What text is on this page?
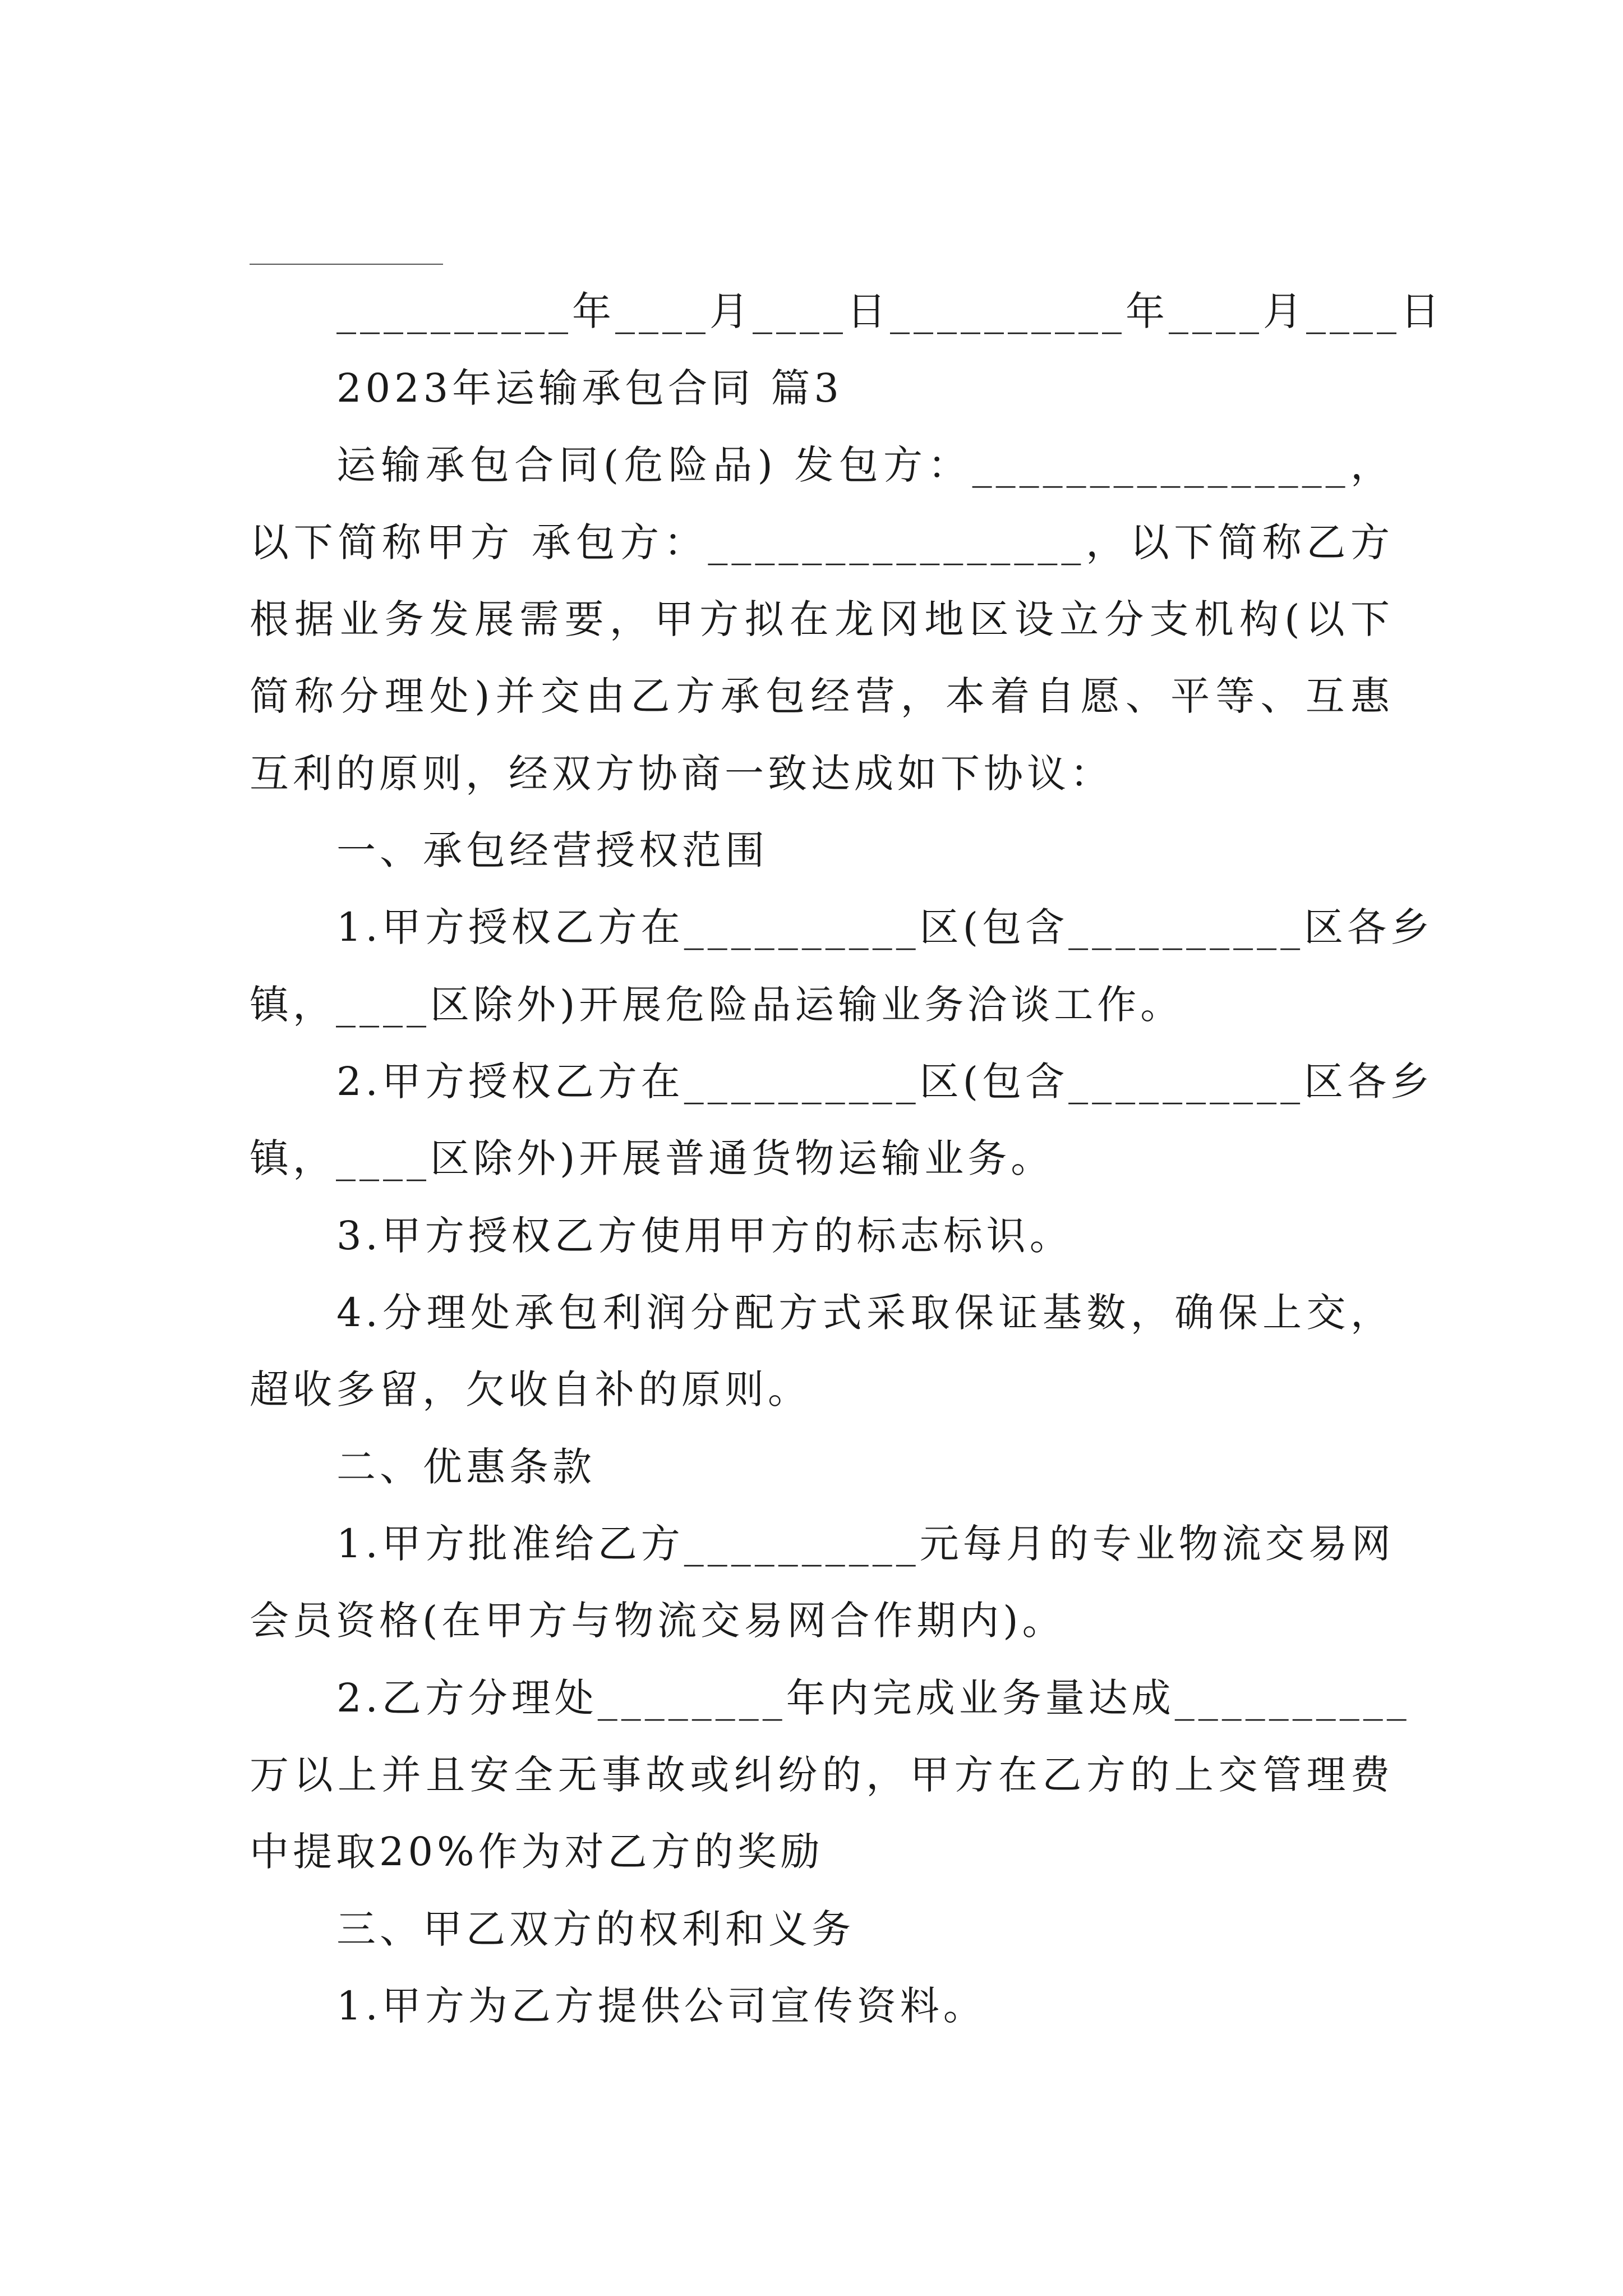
__________年____月____日__________年____月____日
2023年运输承包合同 篇3
运输承包合同(危险品) 发包方：________________，
以下简称甲方 承包方：________________，以下简称乙方
根据业务发展需要，甲方拟在龙冈地区设立分支机构(以下
简称分理处)并交由乙方承包经营，本着自愿、平等、互惠
互利的原则，经双方协商一致达成如下协议：
一、承包经营授权范围
1.甲方授权乙方在__________区(包含__________区各乡
镇，____区除外)开展危险品运输业务洽谈工作。
2.甲方授权乙方在__________区(包含__________区各乡
镇，____区除外)开展普通货物运输业务。
3.甲方授权乙方使用甲方的标志标识。
4.分理处承包利润分配方式采取保证基数，确保上交，
超收多留，欠收自补的原则。
二、优惠条款
1.甲方批准给乙方__________元每月的专业物流交易网
会员资格(在甲方与物流交易网合作期内)。
2.乙方分理处________年内完成业务量达成__________
万以上并且安全无事故或纠纷的，甲方在乙方的上交管理费
中提取20%作为对乙方的奖励
三、甲乙双方的权利和义务
1.甲方为乙方提供公司宣传资料。
